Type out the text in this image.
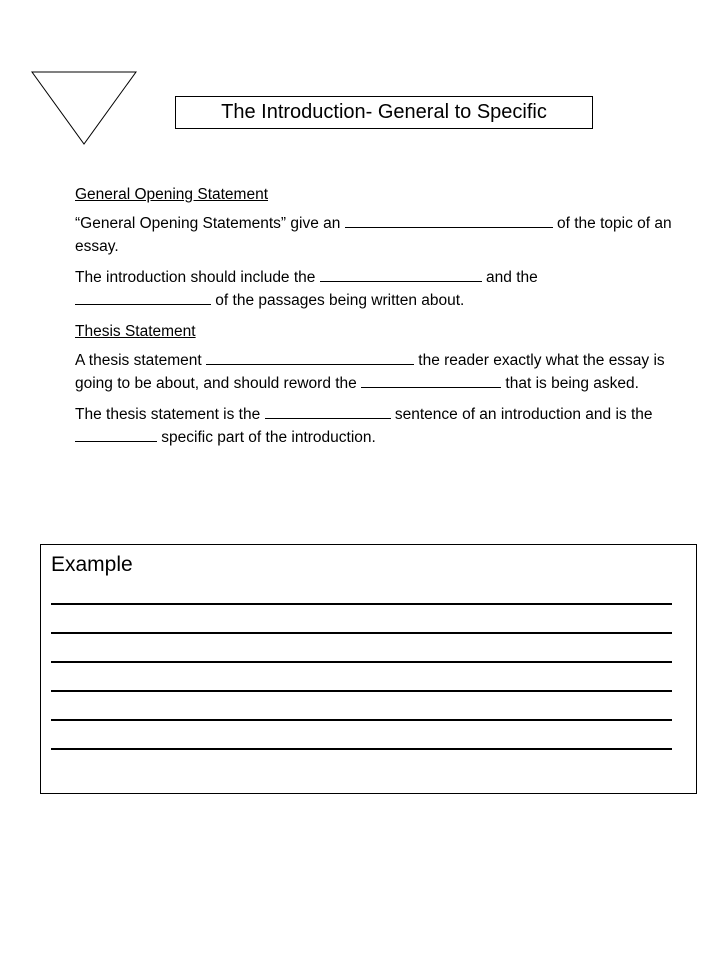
The Introduction- General to Specific

General Opening Statement

“General Opening Statements” give an	of the topic of an essay.

The introduction should include the	and the  of the passages being written about.

Thesis Statement

A thesis statement	the reader exactly what the essay is going to be about, and should reword the	that is being asked.

The thesis statement is the	sentence of an introduction and is the  specific part of the introduction.

Example
